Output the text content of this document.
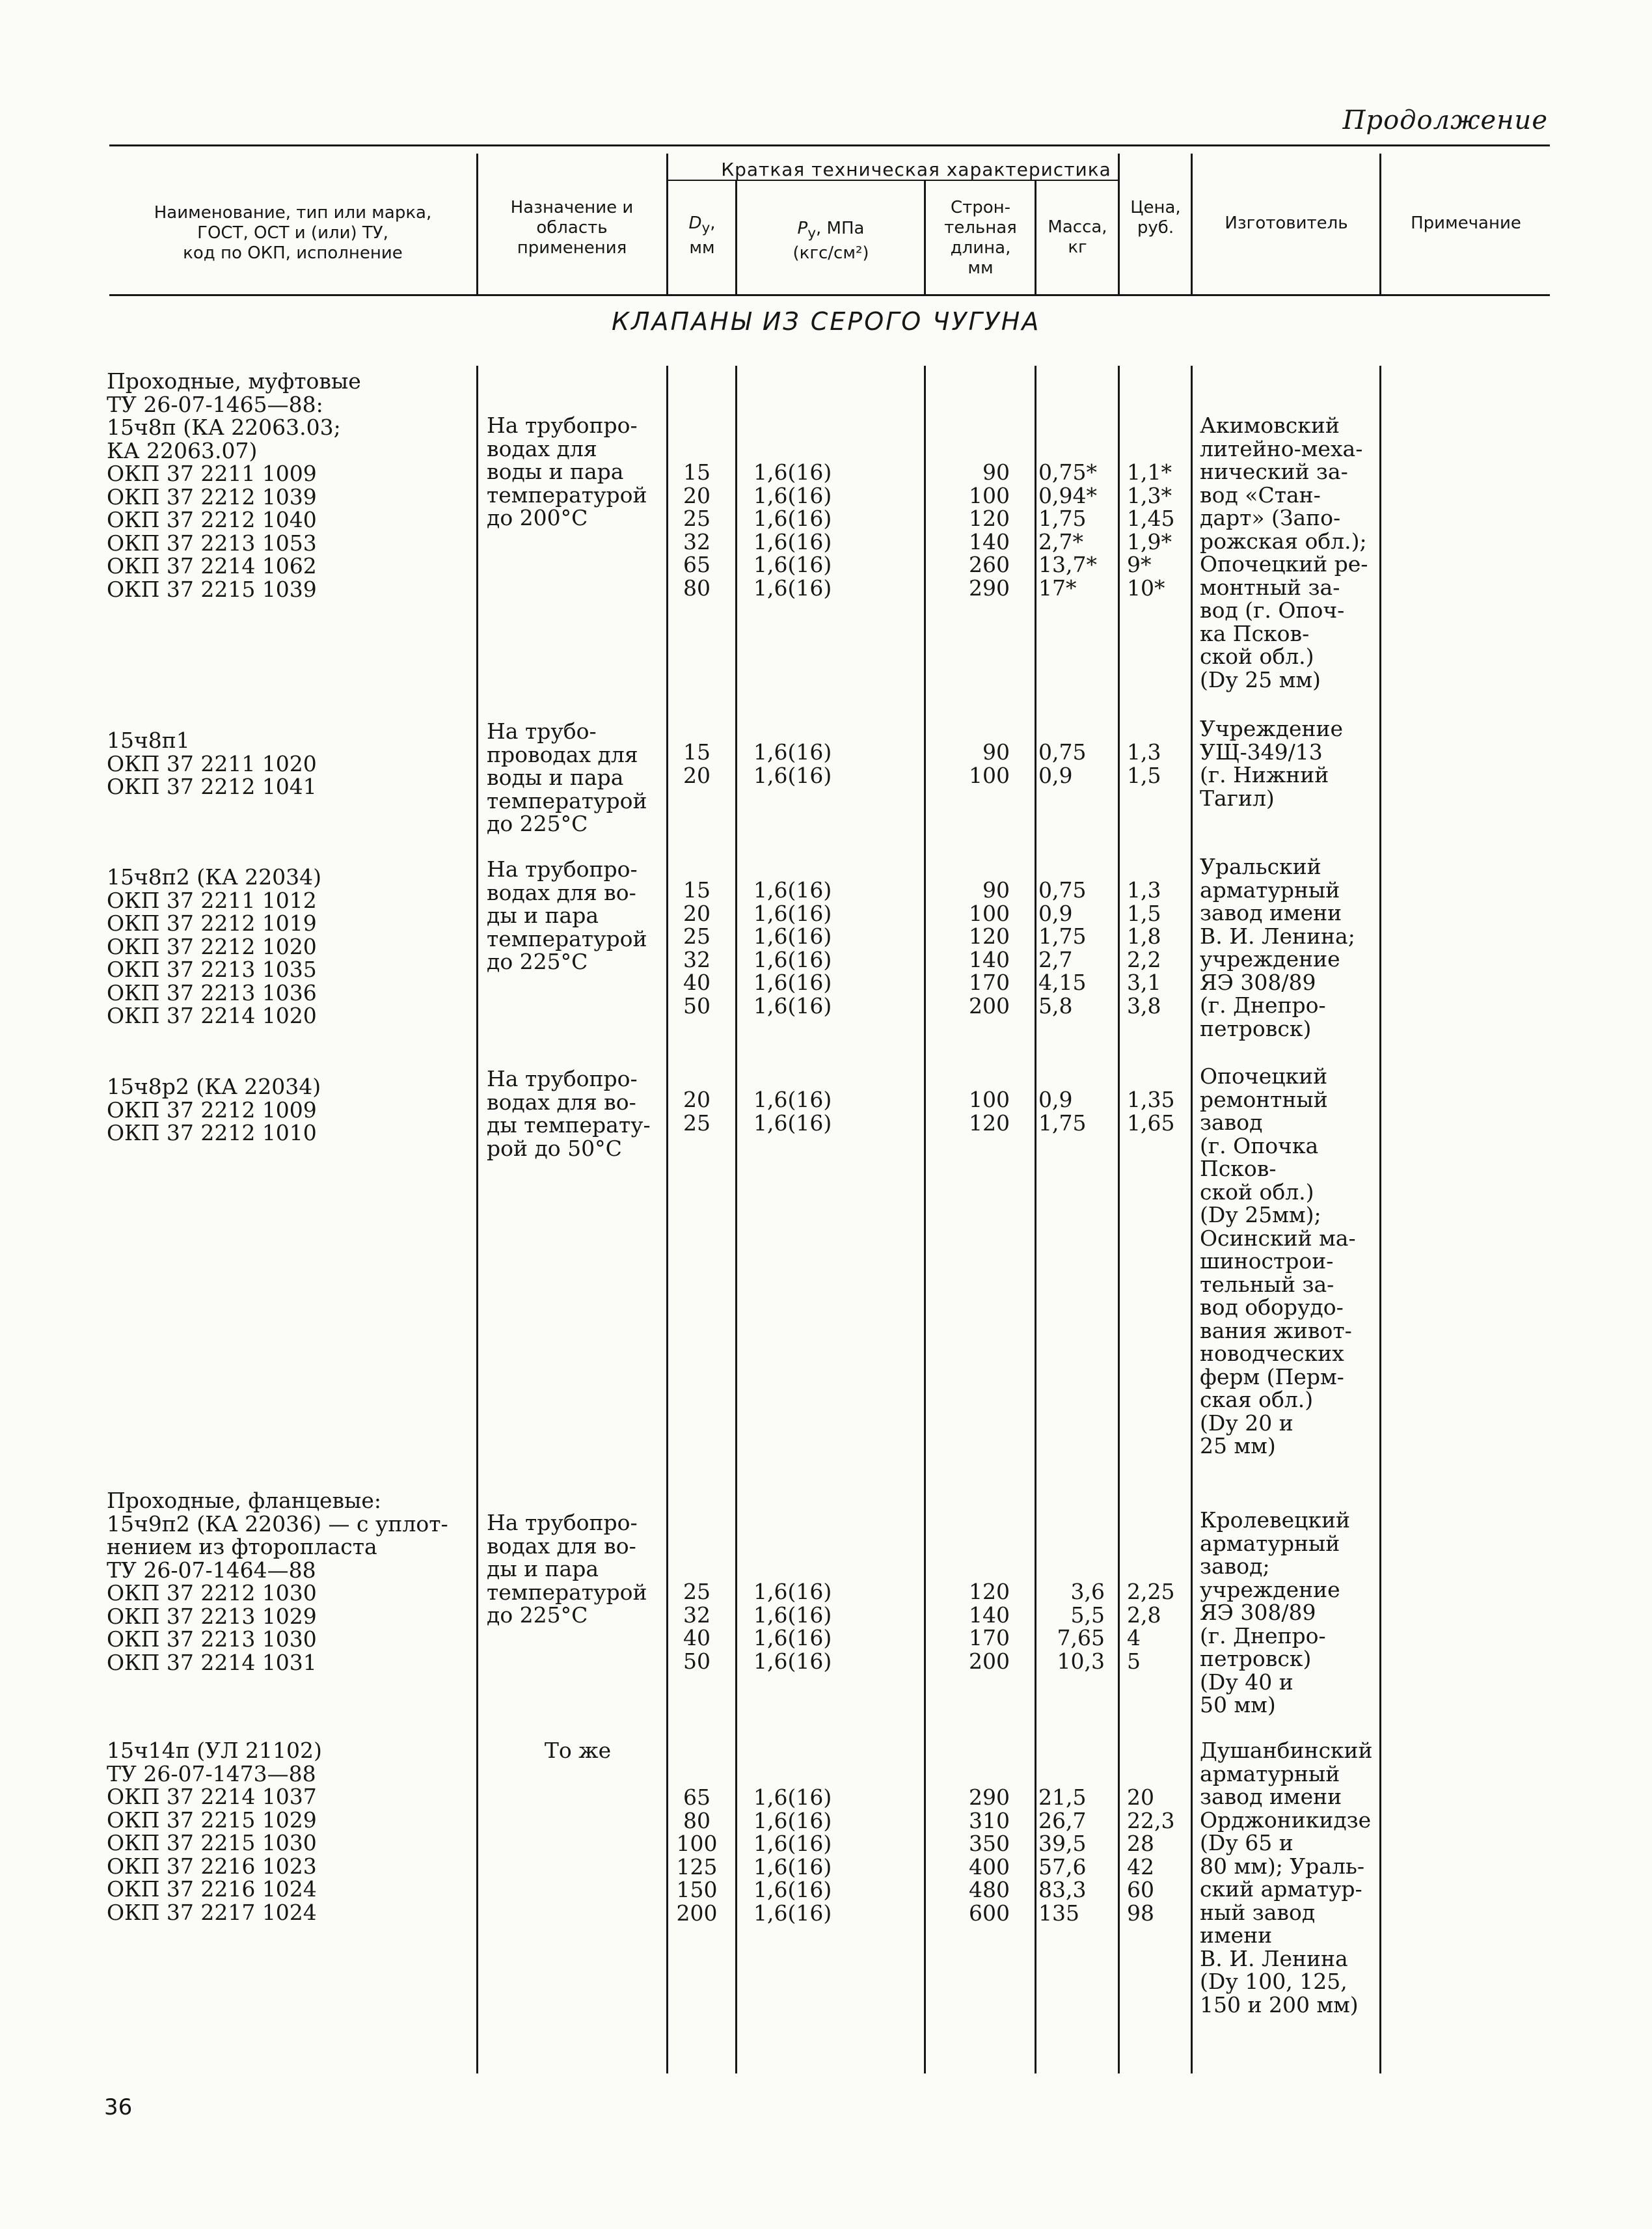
Продолжение
Наименование, тип или марка,
ГОСТ, ОСТ и (или) ТУ,
код по ОКП, исполнение
Назначение и
область
применения
Краткая техническая характеристика
$D_у$,
мм
$P_у$, МПа
(кгс/см²)
Строн-
тельная
длина,
мм
Масса,
кг
Цена,
руб.	Изготовитель	Примечание
КЛАПАНЫ ИЗ СЕРОГО ЧУГУНА
Проходные, муфтовые
ТУ 26-07-1465—88:
15ч8п (КА 22063.03;
КА 22063.07)
ОКП 37 2211 1009
ОКП 37 2212 1039
ОКП 37 2212 1040
ОКП 37 2213 1053
ОКП 37 2214 1062
ОКП 37 2215 1039
На трубопро-
водах для
воды и пара
температурой
до 200°С
15
20
25
32
65
80
1,6(16)
1,6(16)
1,6(16)
1,6(16)
1,6(16)
1,6(16)
90
100
120
140
260
290
0,75*
0,94*
1,75
2,7*
13,7*
17*
1,1*
1,3*
1,45
1,9*
9*
10*
Акимовский
литейно-меха-
нический за-
вод «Стан-
дарт» (Запо-
рожская обл.);
Опочецкий ре-
монтный за-
вод (г. Опоч-
ка Псков-
ской обл.)
(Dу 25 мм)
15ч8п1
ОКП 37 2211 1020
ОКП 37 2212 1041
На трубо-
проводах для
воды и пара
температурой
до 225°С
15
20
1,6(16)
1,6(16)
90
100
0,75
0,9
1,3
1,5
Учреждение
УЩ-349/13
(г. Нижний
Тагил)
15ч8п2 (КА 22034)
ОКП 37 2211 1012
ОКП 37 2212 1019
ОКП 37 2212 1020
ОКП 37 2213 1035
ОКП 37 2213 1036
ОКП 37 2214 1020
На трубопро-
водах для во-
ды и пара
температурой
до 225°С
15
20
25
32
40
50
1,6(16)
1,6(16)
1,6(16)
1,6(16)
1,6(16)
1,6(16)
90
100
120
140
170
200
0,75
0,9
1,75
2,7
4,15
5,8
1,3
1,5
1,8
2,2
3,1
3,8
Уральский
арматурный
завод имени
В. И. Ленина;
учреждение
ЯЭ 308/89
(г. Днепро-
петровск)
15ч8р2 (КА 22034)
ОКП 37 2212 1009
ОКП 37 2212 1010
На трубопро-
водах для во-
ды температу-
рой до 50°С
20
25
1,6(16)
1,6(16)
100
120
0,9
1,75
1,35
1,65
Опочецкий
ремонтный
завод
(г. Опочка
Псков-
ской обл.)
(Dу 25мм);
Осинский ма-
шинострои-
тельный за-
вод оборудо-
вания живот-
новодческих
ферм (Перм-
ская обл.)
(Dу 20 и
25 мм)
Проходные, фланцевые:
15ч9п2 (КА 22036) — с уплот-
нением из фторопласта
ТУ 26-07-1464—88
ОКП 37 2212 1030
ОКП 37 2213 1029
ОКП 37 2213 1030
ОКП 37 2214 1031
На трубопро-
водах для во-
ды и пара
температурой
до 225°С
25
32
40
50
1,6(16)
1,6(16)
1,6(16)
1,6(16)
120
140
170
200
3,6
5,5
7,65
10,3
2,25
2,8
4
5
Кролевецкий
арматурный
завод;
учреждение
ЯЭ 308/89
(г. Днепро-
петровск)
(Dу 40 и
50 мм)
15ч14п (УЛ 21102)
ТУ 26-07-1473—88
ОКП 37 2214 1037
ОКП 37 2215 1029
ОКП 37 2215 1030
ОКП 37 2216 1023
ОКП 37 2216 1024
ОКП 37 2217 1024
То же
65
80
100
125
150
200
1,6(16)
1,6(16)
1,6(16)
1,6(16)
1,6(16)
1,6(16)
290
310
350
400
480
600
21,5
26,7
39,5
57,6
83,3
135
20
22,3
28
42
60
98
Душанбинский
арматурный
завод имени
Орджоникидзе
(Dу 65 и
80 мм); Ураль-
ский арматур-
ный завод
имени
В. И. Ленина
(Dу 100, 125,
150 и 200 мм)
36
